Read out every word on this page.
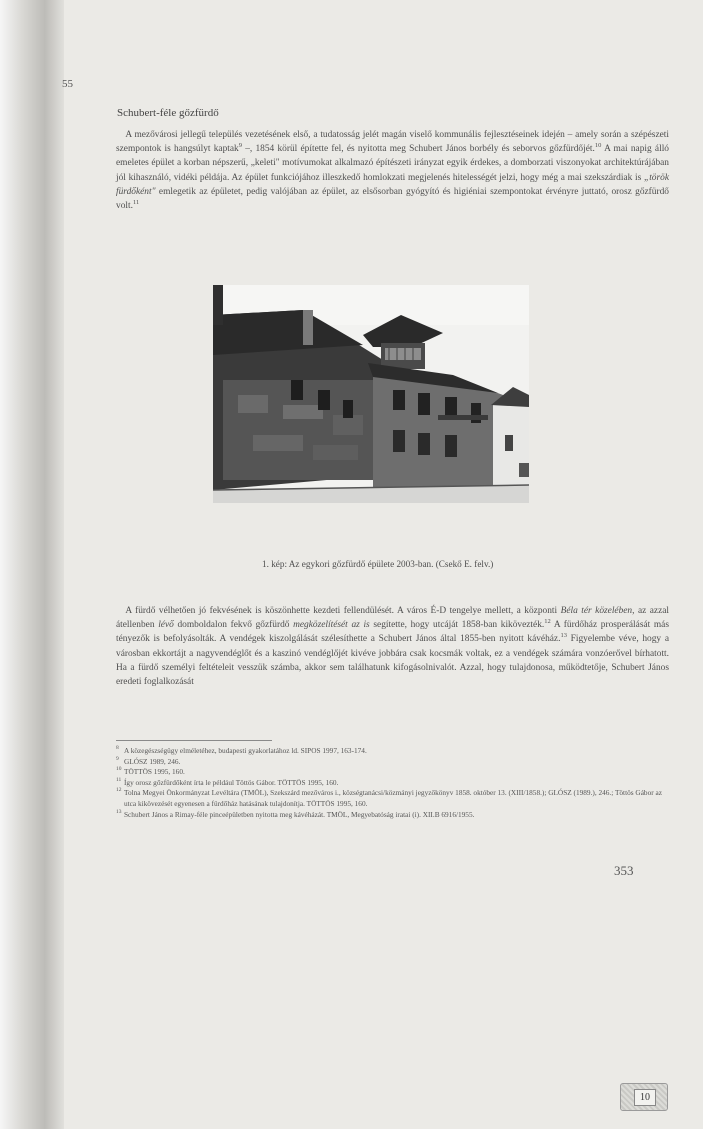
55
Schubert-féle gőzfürdő
 A mezővárosi jellegű település vezetésének első, a tudatosság jelét magán viselő kommunális fejlesztéseinek idején – amely során a szépészeti szempontok is hangsúlyt kaptak$^9$ –, 1854 körül építette fel, és nyitotta meg Schubert János borbély és seborvos gőzfürdőjét.$^{10}$ A mai napig álló emeletes épület a korban népszerű, „keleti" motívumokat alkalmazó építészeti irányzat egyik érdekes, a domborzati viszonyokat architektúrájában jól kihasználó, vidéki példája. Az épület funkciójához illeszkedő homlokzati megjelenés hitelességét jelzi, hogy még a mai szekszárdiak is „török fürdőként" emlegetik az épületet, pedig valójában az épület, az elsősorban gyógyító és higiéniai szempontokat érvényre juttató, orosz gőzfürdő volt.$^{11}$
1. kép: Az egykori gőzfürdő épülete 2003-ban. (Csekő E. felv.)
 A fürdő vélhetően jó fekvésének is köszönhette kezdeti fellendülését. A város É-D tengelye mellett, a központi Béla tér közelében, az azzal átellenben lévő domboldalon fekvő gőzfürdő megközelítését az is segítette, hogy utcáját 1858-ban kikövezték.$^{12}$ A fürdőház prosperálását más tényezők is befolyásolták. A vendégek kiszolgálását szélesíthette a Schubert János által 1855-ben nyitott kávéház.$^{13}$ Figyelembe véve, hogy a városban ekkortájt a nagyvendéglőt és a kaszinó vendéglőjét kivéve jobbára csak kocsmák voltak, ez a vendégek számára vonzóerővel bírhatott. Ha a fürdő személyi feltételeit vesszük számba, akkor sem találhatunk kifogásolnivalót. Azzal, hogy tulajdonosa, működtetője, Schubert János eredeti foglalkozását
8 A közegészségügy elméletéhez, budapesti gyakorlatához ld. SIPOS 1997, 163-174.
9 GLÓSZ 1989, 246.
10 TÖTTÖS 1995, 160.
11 Így orosz gőzfürdőként írta le például Töttös Gábor. TÖTTÖS 1995, 160.
12 Tolna Megyei Önkormányzat Levéltára (TMÖL), Szekszárd mezőváros i., községtanácsi/közmányi jegyzőkönyv 1858. október 13. (XIII/1858.); GLÓSZ (1989.), 246.; Töttös Gábor az utca kikövezését egyenesen a fürdőház hatásának tulajdonítja. TÖTTÖS 1995, 160.
13 Schubert János a Rimay-féle pinceépületben nyitotta meg kávéházát. TMÖL, Megyebatóság iratai (i). XII.B 6916/1955.
353
10
